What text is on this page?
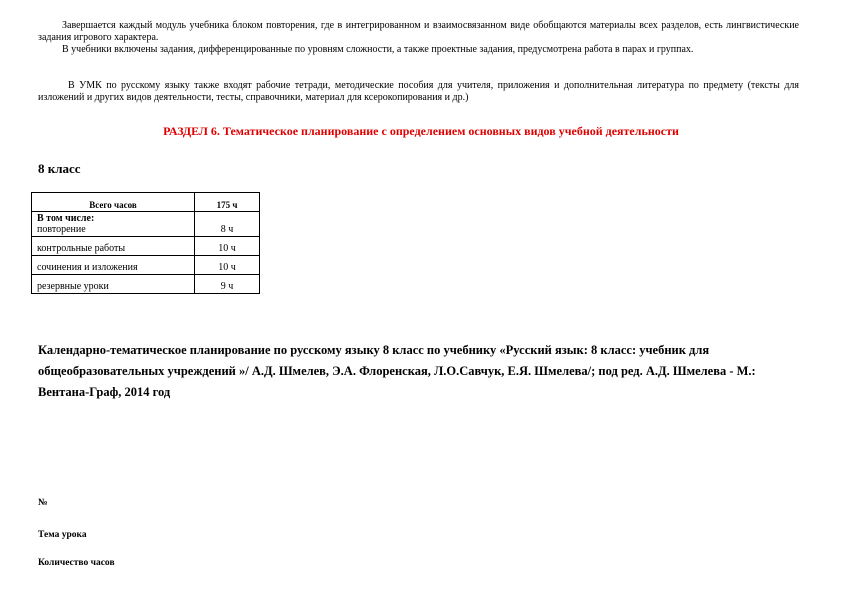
Завершается каждый модуль учебника блоком повторения, где в интегрированном и взаимосвязанном виде обобщаются материалы всех разделов, есть лингвистические задания игрового характера.

В учебники включены задания, дифференцированные по уровням сложности, а также проектные задания, предусмотрена работа в парах и группах.

В УМК по русскому языку также входят рабочие тетради, методические пособия для учителя, приложения и дополнительная литература по предмету (тексты для изложений и других видов деятельности, тесты, справочники, материал для ксерокопирования и др.)

РАЗДЕЛ 6. Тематическое планирование с определением основных видов учебной деятельности
8 класс
Всего часов	175 ч

В том числе:
повторение	8 ч
контрольные работы	10 ч
сочинения и изложения	10 ч
резервные уроки	9 ч
Календарно-тематическое планирование по русскому языку 8 класс по учебнику «Русский язык: 8 класс: учебник для общеобразовательных учреждений »/ А.Д. Шмелев, Э.А. Флоренская, Л.О.Савчук, Е.Я. Шмелева/; под ред. А.Д. Шмелева - М.: Вентана-Граф, 2014 год
№
Тема урока
Количество часов
